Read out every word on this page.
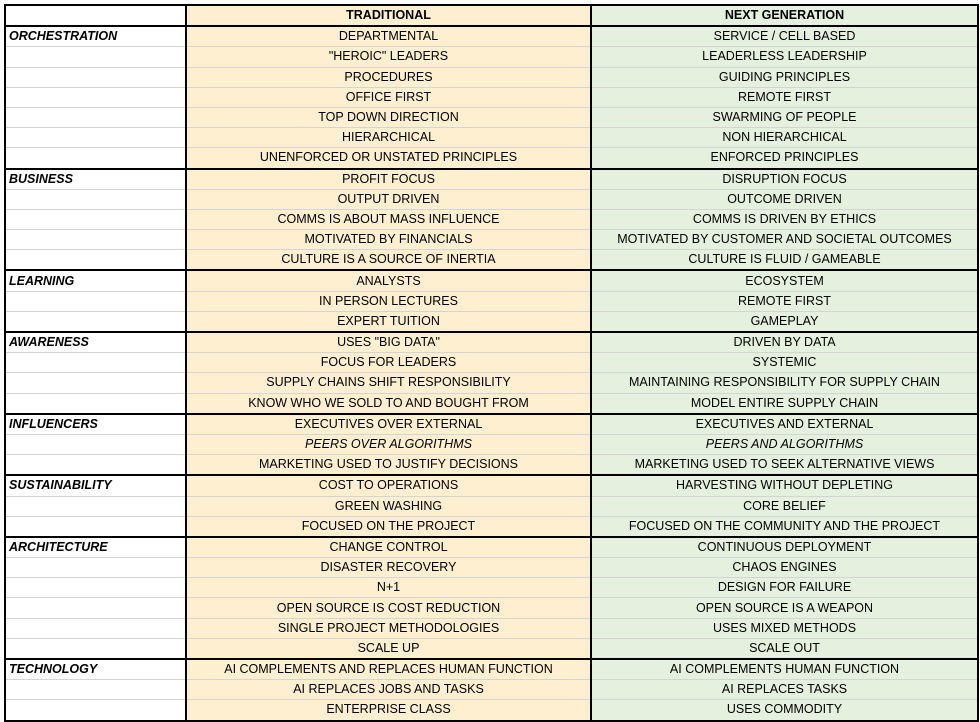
	TRADITIONAL	NEXT GENERATION
ORCHESTRATION	DEPARTMENTAL	SERVICE / CELL BASED
	"HEROIC" LEADERS	LEADERLESS LEADERSHIP
	PROCEDURES	GUIDING PRINCIPLES
	OFFICE FIRST	REMOTE FIRST
	TOP DOWN DIRECTION	SWARMING OF PEOPLE
	HIERARCHICAL	NON HIERARCHICAL
	UNENFORCED OR UNSTATED PRINCIPLES	ENFORCED PRINCIPLES
BUSINESS	PROFIT FOCUS	DISRUPTION FOCUS
	OUTPUT DRIVEN	OUTCOME DRIVEN
	COMMS IS ABOUT MASS INFLUENCE	COMMS IS DRIVEN BY ETHICS
	MOTIVATED BY FINANCIALS	MOTIVATED BY CUSTOMER AND SOCIETAL OUTCOMES
	CULTURE IS A SOURCE OF INERTIA	CULTURE IS FLUID / GAMEABLE
LEARNING	ANALYSTS	ECOSYSTEM
	IN PERSON LECTURES	REMOTE FIRST
	EXPERT TUITION	GAMEPLAY
AWARENESS	USES "BIG DATA"	DRIVEN BY DATA
	FOCUS FOR LEADERS	SYSTEMIC
	SUPPLY CHAINS SHIFT RESPONSIBILITY	MAINTAINING RESPONSIBILITY FOR SUPPLY CHAIN
	KNOW WHO WE SOLD TO AND BOUGHT FROM	MODEL ENTIRE SUPPLY CHAIN
INFLUENCERS	EXECUTIVES OVER EXTERNAL	EXECUTIVES AND EXTERNAL
	PEERS OVER ALGORITHMS	PEERS AND ALGORITHMS
	MARKETING USED TO JUSTIFY DECISIONS	MARKETING USED TO SEEK ALTERNATIVE VIEWS
SUSTAINABILITY	COST TO OPERATIONS	HARVESTING WITHOUT DEPLETING
	GREEN WASHING	CORE BELIEF
	FOCUSED ON THE PROJECT	FOCUSED ON THE COMMUNITY AND THE PROJECT
ARCHITECTURE	CHANGE CONTROL	CONTINUOUS DEPLOYMENT
	DISASTER RECOVERY	CHAOS ENGINES
	N+1	DESIGN FOR FAILURE
	OPEN SOURCE IS COST REDUCTION	OPEN SOURCE IS A WEAPON
	SINGLE PROJECT METHODOLOGIES	USES MIXED METHODS
	SCALE UP	SCALE OUT
TECHNOLOGY	AI COMPLEMENTS AND REPLACES HUMAN FUNCTION	AI COMPLEMENTS HUMAN FUNCTION
	AI REPLACES JOBS AND TASKS	AI REPLACES TASKS
	ENTERPRISE CLASS	USES COMMODITY
